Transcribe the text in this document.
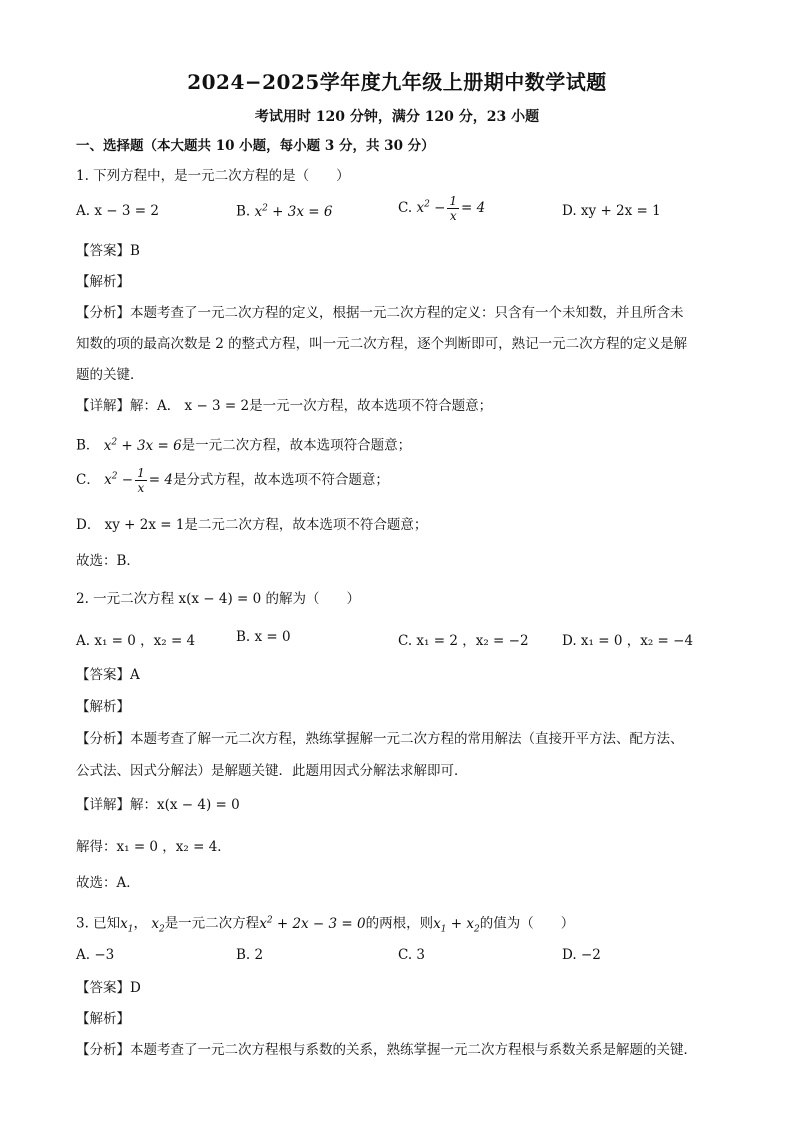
2024−2025学年度九年级上册期中数学试题
考试用时 120 分钟，满分 120 分，23 小题
一、选择题（本大题共 10 小题，每小题 3 分，共 30 分）
1. 下列方程中，是一元二次方程的是（　　）
A. x − 3 = 2	B. $x^2 + 3x = 6$	C. $x^2 - \frac{1}{x} = 4$	D. xy + 2x = 1
【答案】B
【解析】
【分析】本题考查了一元二次方程的定义，根据一元二次方程的定义：只含有一个未知数，并且所含未
知数的项的最高次数是 2 的整式方程，叫一元二次方程，逐个判断即可，熟记一元二次方程的定义是解
题的关键．
【详解】解：A． x − 3 = 2是一元一次方程，故本选项不符合题意；
B． $x^2 + 3x = 6$是一元二次方程，故本选项符合题意；
C． $x^2 - \frac{1}{x} = 4$是分式方程，故本选项不符合题意；
D． xy + 2x = 1是二元二次方程，故本选项不符合题意；
故选：B．
2. 一元二次方程 x(x − 4) = 0 的解为（　　）
A. x₁ = 0 ，x₂ = 4	B. x = 0	C. x₁ = 2 ，x₂ = −2 D. x₁ = 0 ，x₂ = −4
【答案】A
【解析】
【分析】本题考查了解一元二次方程，熟练掌握解一元二次方程的常用解法（直接开平方法、配方法、
公式法、因式分解法）是解题关键．此题用因式分解法求解即可．
【详解】解：x(x − 4) = 0
解得：x₁ = 0 ，x₂ = 4．
故选：A．
3. 已知$x_1$， $x_2$是一元二次方程$x^2 + 2x - 3 = 0$的两根，则$x_1 + x_2$的值为（　　）
A. −3	B. 2	C. 3	D. −2
【答案】D
【解析】
【分析】本题考查了一元二次方程根与系数的关系，熟练掌握一元二次方程根与系数关系是解题的关键．
